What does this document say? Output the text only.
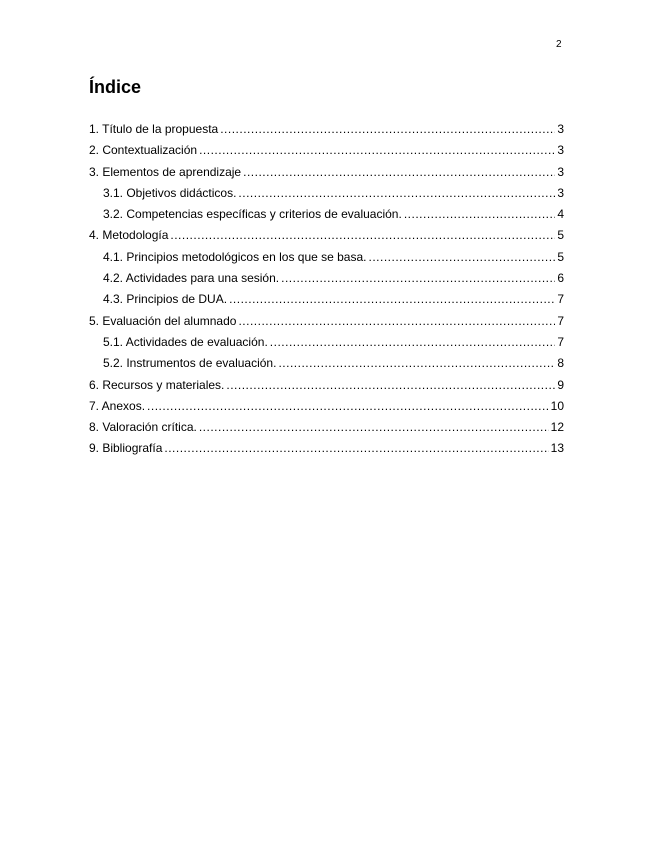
2
Índice
1. Título de la propuesta .....	3
2. Contextualización .....	3
3. Elementos de aprendizaje .....	3
3.1. Objetivos didácticos. .....	3
3.2. Competencias específicas y criterios de evaluación. .....	4
4. Metodología .....	5
4.1. Principios metodológicos en los que se basa. .....	5
4.2. Actividades para una sesión. .....	6
4.3. Principios de DUA. .....	7
5. Evaluación del alumnado .....	7
5.1. Actividades de evaluación. .....	7
5.2. Instrumentos de evaluación. .....	8
6. Recursos y materiales. .....	9
7. Anexos. .....	10
8. Valoración crítica. .....	12
9. Bibliografía .....	13
